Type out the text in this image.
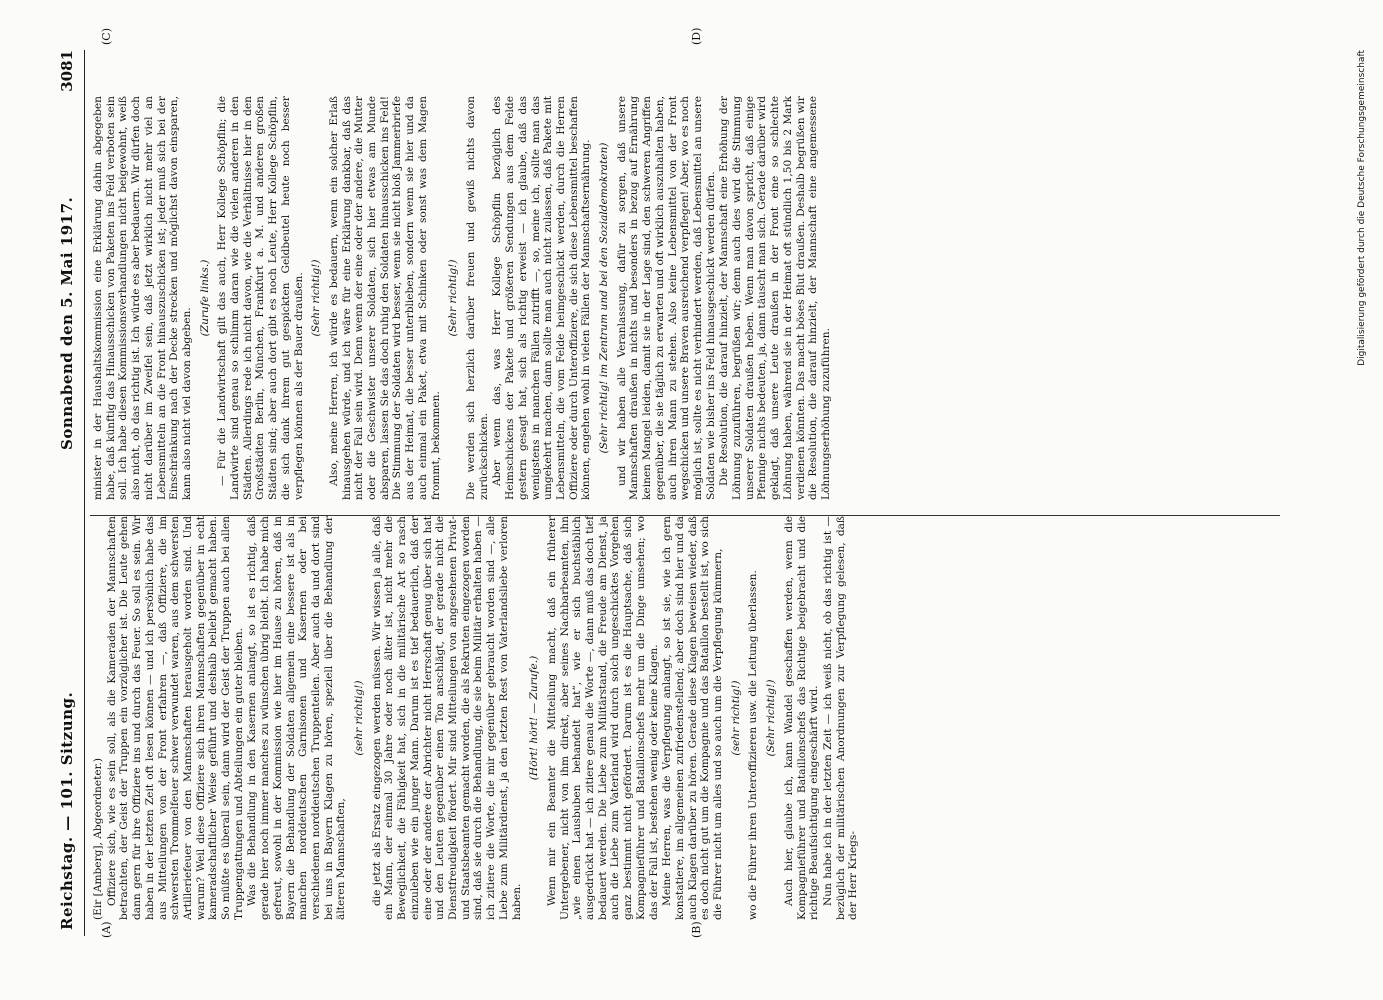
Reichstag. — 101. Sitzung.
Sonnabend den 5. Mai 1917.
3081
(A)	(B)
(C)	(D)

(Eir [Amberg], Abgeordneter.) Offiziere sich, wie es sein soll, als die Kameraden der Mannschaften betrachten, der Geist der Truppen ein vorzüglicher ist. Die Leute gehen dann gern für ihre Offiziere ins und durch das Feuer. So soll es sein. Wir haben in der letzten Zeit oft lesen können — und ich persönlich habe das aus Mitteilungen von der Front erfahren —, daß Offiziere, die im schwersten Trommelfeuer schwer verwundet waren, aus dem schwersten Artilleriefeuer von den Mannschaften herausgeholt worden sind. Und warum? Weil diese Offiziere sich ihren Mannschaften gegenüber in echt kameradschaftlicher Weise geführt und deshalb beliebt gemacht haben. So müßte es überall sein, dann wird der Geist der Truppen auch bei allen Truppengattungen und Abteilungen ein guter bleiben. Was die Behandlung in den Kasernen anlangt, so ist es richtig, daß gerade hier noch immer manches zu wünschen übrig bleibt. Ich habe mich gefreut, sowohl in der Kommission wie hier im Hause zu hören, daß in Bayern die Behandlung der Soldaten allgemein eine bessere ist als in manchen norddeutschen Garnisonen und Kasernen oder bei verschiedenen norddeutschen Truppenteilen. Aber auch da und dort sind bei uns in Bayern Klagen zu hören, speziell über die Behandlung der älteren Mannschaften,

(sehr richtig!) die jetzt als Ersatz eingezogen werden müssen. Wir wissen ja alle, daß ein Mann, der einmal 30 Jahre oder noch älter ist, nicht mehr die Beweglichkeit, die Fähigkeit hat, sich in die militärische Art so rasch einzuleben wie ein junger Mann. Darum ist es tief bedauerlich, daß der eine oder der andere der Abrichter nicht Herrschaft genug über sich hat und den Leuten gegenüber einen Ton anschlägt, der gerade nicht die Dienstfreudigkeit fördert. Mir sind Mitteilungen von angesehenen Privat- und Staatsbeamten gemacht worden, die als Rekruten eingezogen worden sind, daß sie durch die Behandlung, die sie beim Militär erhalten haben — ich zitiere die Worte, die mir gegenüber gebraucht worden sind —, alle Liebe zum Militärdienst, ja den letzten Rest von Vaterlandsliebe verloren haben.

(Hört! hört! — Zurufe.) Wenn mir ein Beamter die Mitteilung macht, daß ein früherer Untergebener, nicht von ihm direkt, aber seines Nachbarbeamten, ihn „wie einen Lausbuben behandelt hat“, wie er sich buchstäblich ausgedrückt hat — ich zitiere genau die Worte —, dann muß das doch tief bedauert werden. Die Liebe zum Militärstand, die Freude am Dienst, ja auch die Liebe zum Vaterland wird durch solch ungeschicktes Vorgehen ganz bestimmt nicht gefördert. Darum ist es die Hauptsache, daß sich Kompagnieführer und Bataillonschefs mehr um die Dinge umsehen; wo das der Fall ist, bestehen wenig oder keine Klagen. Meine Herren, was die Verpflegung anlangt, so ist sie, wie ich gern konstatiere, im allgemeinen zufriedenstellend; aber doch sind hier und da auch Klagen darüber zu hören. Gerade diese Klagen beweisen wieder, daß es doch nicht gut um die Kompagnie und das Bataillon bestellt ist, wo sich die Führer nicht um alles und so auch um die Verpflegung kümmern, (sehr richtig!) wo die Führer ihren Unteroffizieren usw. die Leitung überlassen. (Sehr richtig!) Auch hier, glaube ich, kann Wandel geschaffen werden, wenn die Kompagnieführer und Bataillonschefs das Richtige beigebracht und die richtige Beaufsichtigung eingeschärft wird. Nun habe ich in der letzten Zeit — ich weiß nicht, ob das richtig ist — bezüglich der militärischen Anordnungen zur Verpflegung gelesen, daß der Herr Kriegs-

minister in der Haushaltskommission eine Erklärung dahin abgegeben habe, daß künftig das Hinausschicken von Paketen ins Feld verboten sein soll. Ich habe diesen Kommissionsverhandlungen nicht beigewohnt, weiß also nicht, ob das richtig ist. Ich würde es aber bedauern. Wir dürfen doch nicht darüber im Zweifel sein, daß jetzt wirklich nicht mehr viel an Lebensmitteln an die Front hinauszuschicken ist; jeder muß sich bei der Einschränkung nach der Decke strecken und möglichst davon einsparen, kann also nicht viel davon abgeben.

(Zurufe links.) — Für die Landwirtschaft gilt das auch, Herr Kollege Schöpflin; die Landwirte sind genau so schlimm daran wie die vielen anderen in den Städten. Allerdings rede ich nicht davon, wie die Verhältnisse hier in den Großstädten Berlin, München, Frankfurt a. M. und anderen großen Städten sind; aber auch dort gibt es noch Leute, Herr Kollege Schöpflin, die sich dank ihrem gut gespickten Geldbeutel heute noch besser verpflegen können als der Bauer draußen. (Sehr richtig!) Also, meine Herren, ich würde es bedauern, wenn ein solcher Erlaß hinausgehen würde, und ich wäre für eine Erklärung dankbar, daß das nicht der Fall sein wird. Denn wenn der eine oder der andere, die Mutter oder die Geschwister unserer Soldaten, sich hier etwas am Munde absparen, lassen Sie das doch ruhig den Soldaten hinausschicken ins Feld! Die Stimmung der Soldaten wird besser, wenn sie nicht bloß Jammerbriefe aus der Heimat, die besser unterblieben, sondern wenn sie hier und da auch einmal ein Paket, etwa mit Schinken oder sonst was dem Magen frommt, bekommen.

(Sehr richtig!) Die werden sich herzlich darüber freuen und gewiß nichts davon zurückschicken. Aber wenn das, was Herr Kollege Schöpflin bezüglich des Heimschickens der Pakete und größeren Sendungen aus dem Felde gestern gesagt hat, sich als richtig erweist — ich glaube, daß das wenigstens in manchen Fällen zutrifft —, so, meine ich, sollte man das umgekehrt machen, dann sollte man auch nicht zulassen, daß Pakete mit Lebensmitteln, die vom Felde heimgeschickt werden, durch die Herren Offiziere oder durch Unteroffiziere, die sich diese Lebensmittel beschaffen können, engehen wohl in vielen Fällen der Mannschaftsernährung. (Sehr richtig! im Zentrum und bei den Sozialdemokraten) und wir haben alle Veranlassung, dafür zu sorgen, daß unsere Mannschaften draußen in nichts und besonders in bezug auf Ernährung keinen Mangel leiden, damit sie in der Lage sind, den schweren Angriffen gegenüber, die sie täglich zu erwarten und oft wirklich auszuhalten haben, auch ihren Mann zu stehen. Also keine Lebensmittel von der Front wegschicken und unsere Braven ausreichend verpflegen! Aber, wo es noch möglich ist, sollte es nicht verhindert werden, daß Lebensmittel an unsere Soldaten wie bisher ins Feld hinausgeschickt werden dürfen. Die Resolution, die darauf hinzielt, der Mannschaft eine Erhöhung der Löhnung zuzuführen, begrüßen wir; denn auch dies wird die Stimmung unserer Soldaten draußen heben. Wenn man davon spricht, daß einige Pfennige nichts bedeuten, ja, dann täuscht man sich. Gerade darüber wird geklagt, daß unsere Leute draußen in der Front eine so schlechte Löhnung haben, während sie in der Heimat oft stündlich 1,50 bis 2 Mark verdienen könnten. Das macht böses Blut draußen. Deshalb begrüßen wir die Resolution, die darauf hinzielt, der Mannschaft eine angemessene Löhnungserhöhung zuzuführen.

Digitalisierung gefördert durch die Deutsche Forschungsgemeinschaft
